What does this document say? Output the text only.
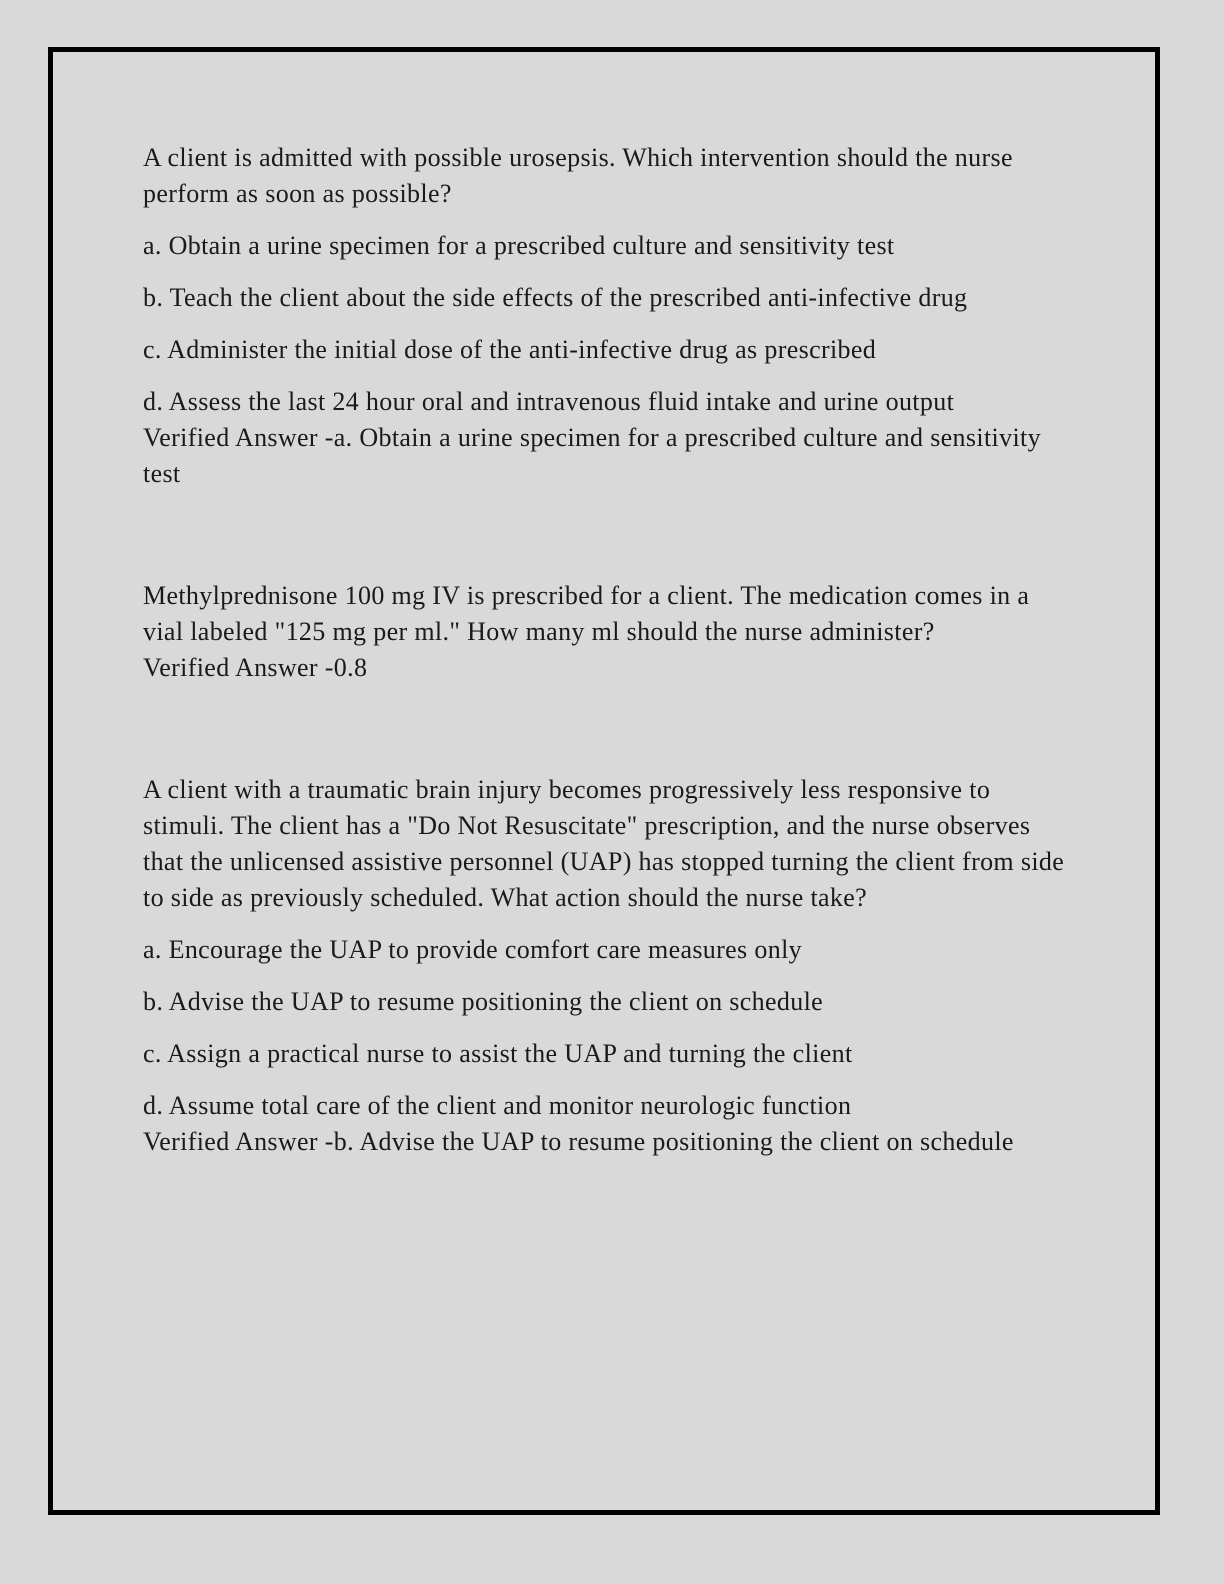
A client is admitted with possible urosepsis. Which intervention should the nurse perform as soon as possible?

a. Obtain a urine specimen for a prescribed culture and sensitivity test

b. Teach the client about the side effects of the prescribed anti-infective drug

c. Administer the initial dose of the anti-infective drug as prescribed

d. Assess the last 24 hour oral and intravenous fluid intake and urine output

Verified Answer -a. Obtain a urine specimen for a prescribed culture and sensitivity test

Methylprednisone 100 mg IV is prescribed for a client. The medication comes in a vial labeled "125 mg per ml." How many ml should the nurse administer?

Verified Answer -0.8

A client with a traumatic brain injury becomes progressively less responsive to stimuli. The client has a "Do Not Resuscitate" prescription, and the nurse observes that the unlicensed assistive personnel (UAP) has stopped turning the client from side to side as previously scheduled. What action should the nurse take?

a. Encourage the UAP to provide comfort care measures only

b. Advise the UAP to resume positioning the client on schedule

c. Assign a practical nurse to assist the UAP and turning the client

d. Assume total care of the client and monitor neurologic function

Verified Answer -b. Advise the UAP to resume positioning the client on schedule
